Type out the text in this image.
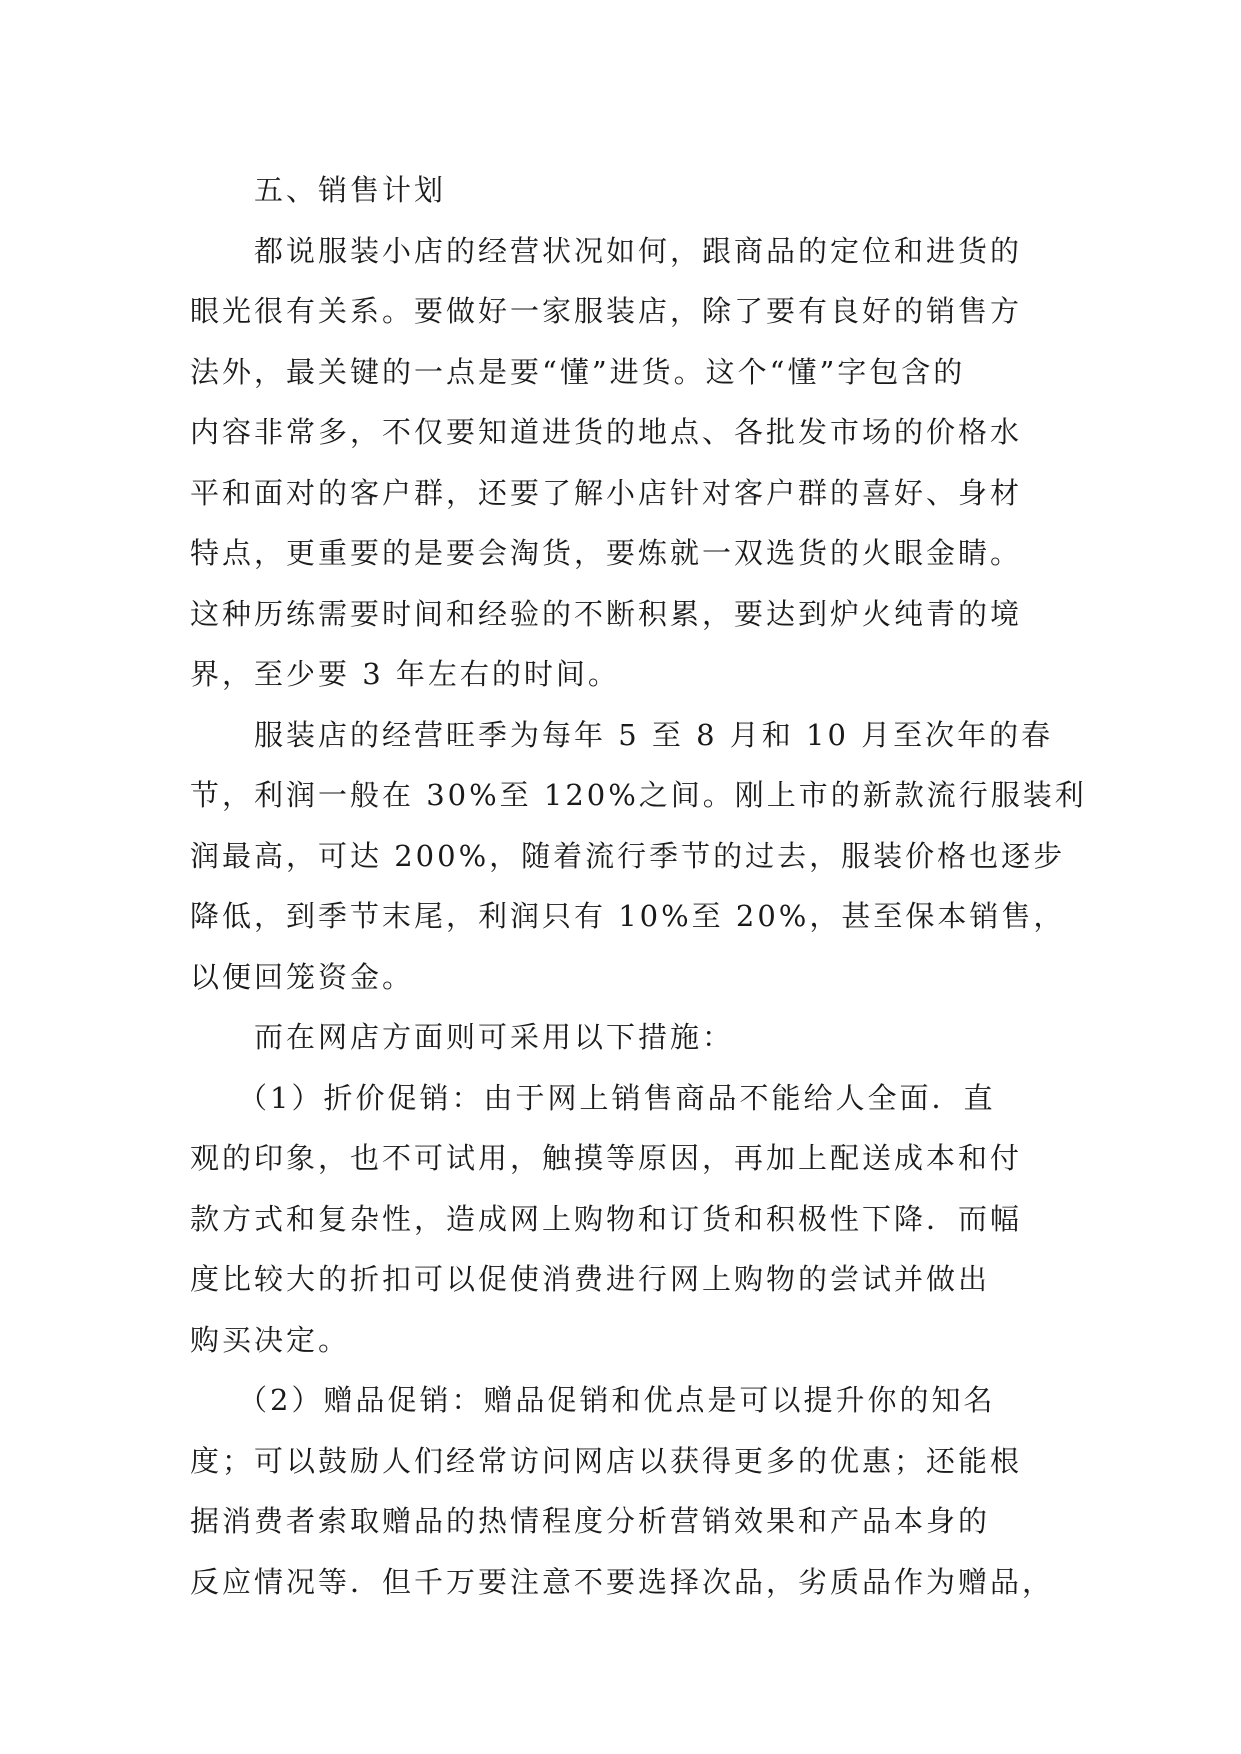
五、销售计划
都说服装小店的经营状况如何，跟商品的定位和进货的
眼光很有关系。要做好一家服装店，除了要有良好的销售方
法外，最关键的一点是要“懂”进货。这个“懂”字包含的
内容非常多，不仅要知道进货的地点、各批发市场的价格水
平和面对的客户群，还要了解小店针对客户群的喜好、身材
特点，更重要的是要会淘货，要炼就一双选货的火眼金睛。
这种历练需要时间和经验的不断积累，要达到炉火纯青的境
界，至少要 3 年左右的时间。
服装店的经营旺季为每年 5 至 8 月和 10 月至次年的春
节，利润一般在 30%至 120%之间。刚上市的新款流行服装利
润最高，可达 200%，随着流行季节的过去，服装价格也逐步
降低，到季节末尾，利润只有 10%至 20%，甚至保本销售，
以便回笼资金。
而在网店方面则可采用以下措施：
（1）折价促销：由于网上销售商品不能给人全面．直
观的印象，也不可试用，触摸等原因，再加上配送成本和付
款方式和复杂性，造成网上购物和订货和积极性下降．而幅
度比较大的折扣可以促使消费进行网上购物的尝试并做出
购买决定。
（2）赠品促销：赠品促销和优点是可以提升你的知名
度；可以鼓励人们经常访问网店以获得更多的优惠；还能根
据消费者索取赠品的热情程度分析营销效果和产品本身的
反应情况等．但千万要注意不要选择次品，劣质品作为赠品，
